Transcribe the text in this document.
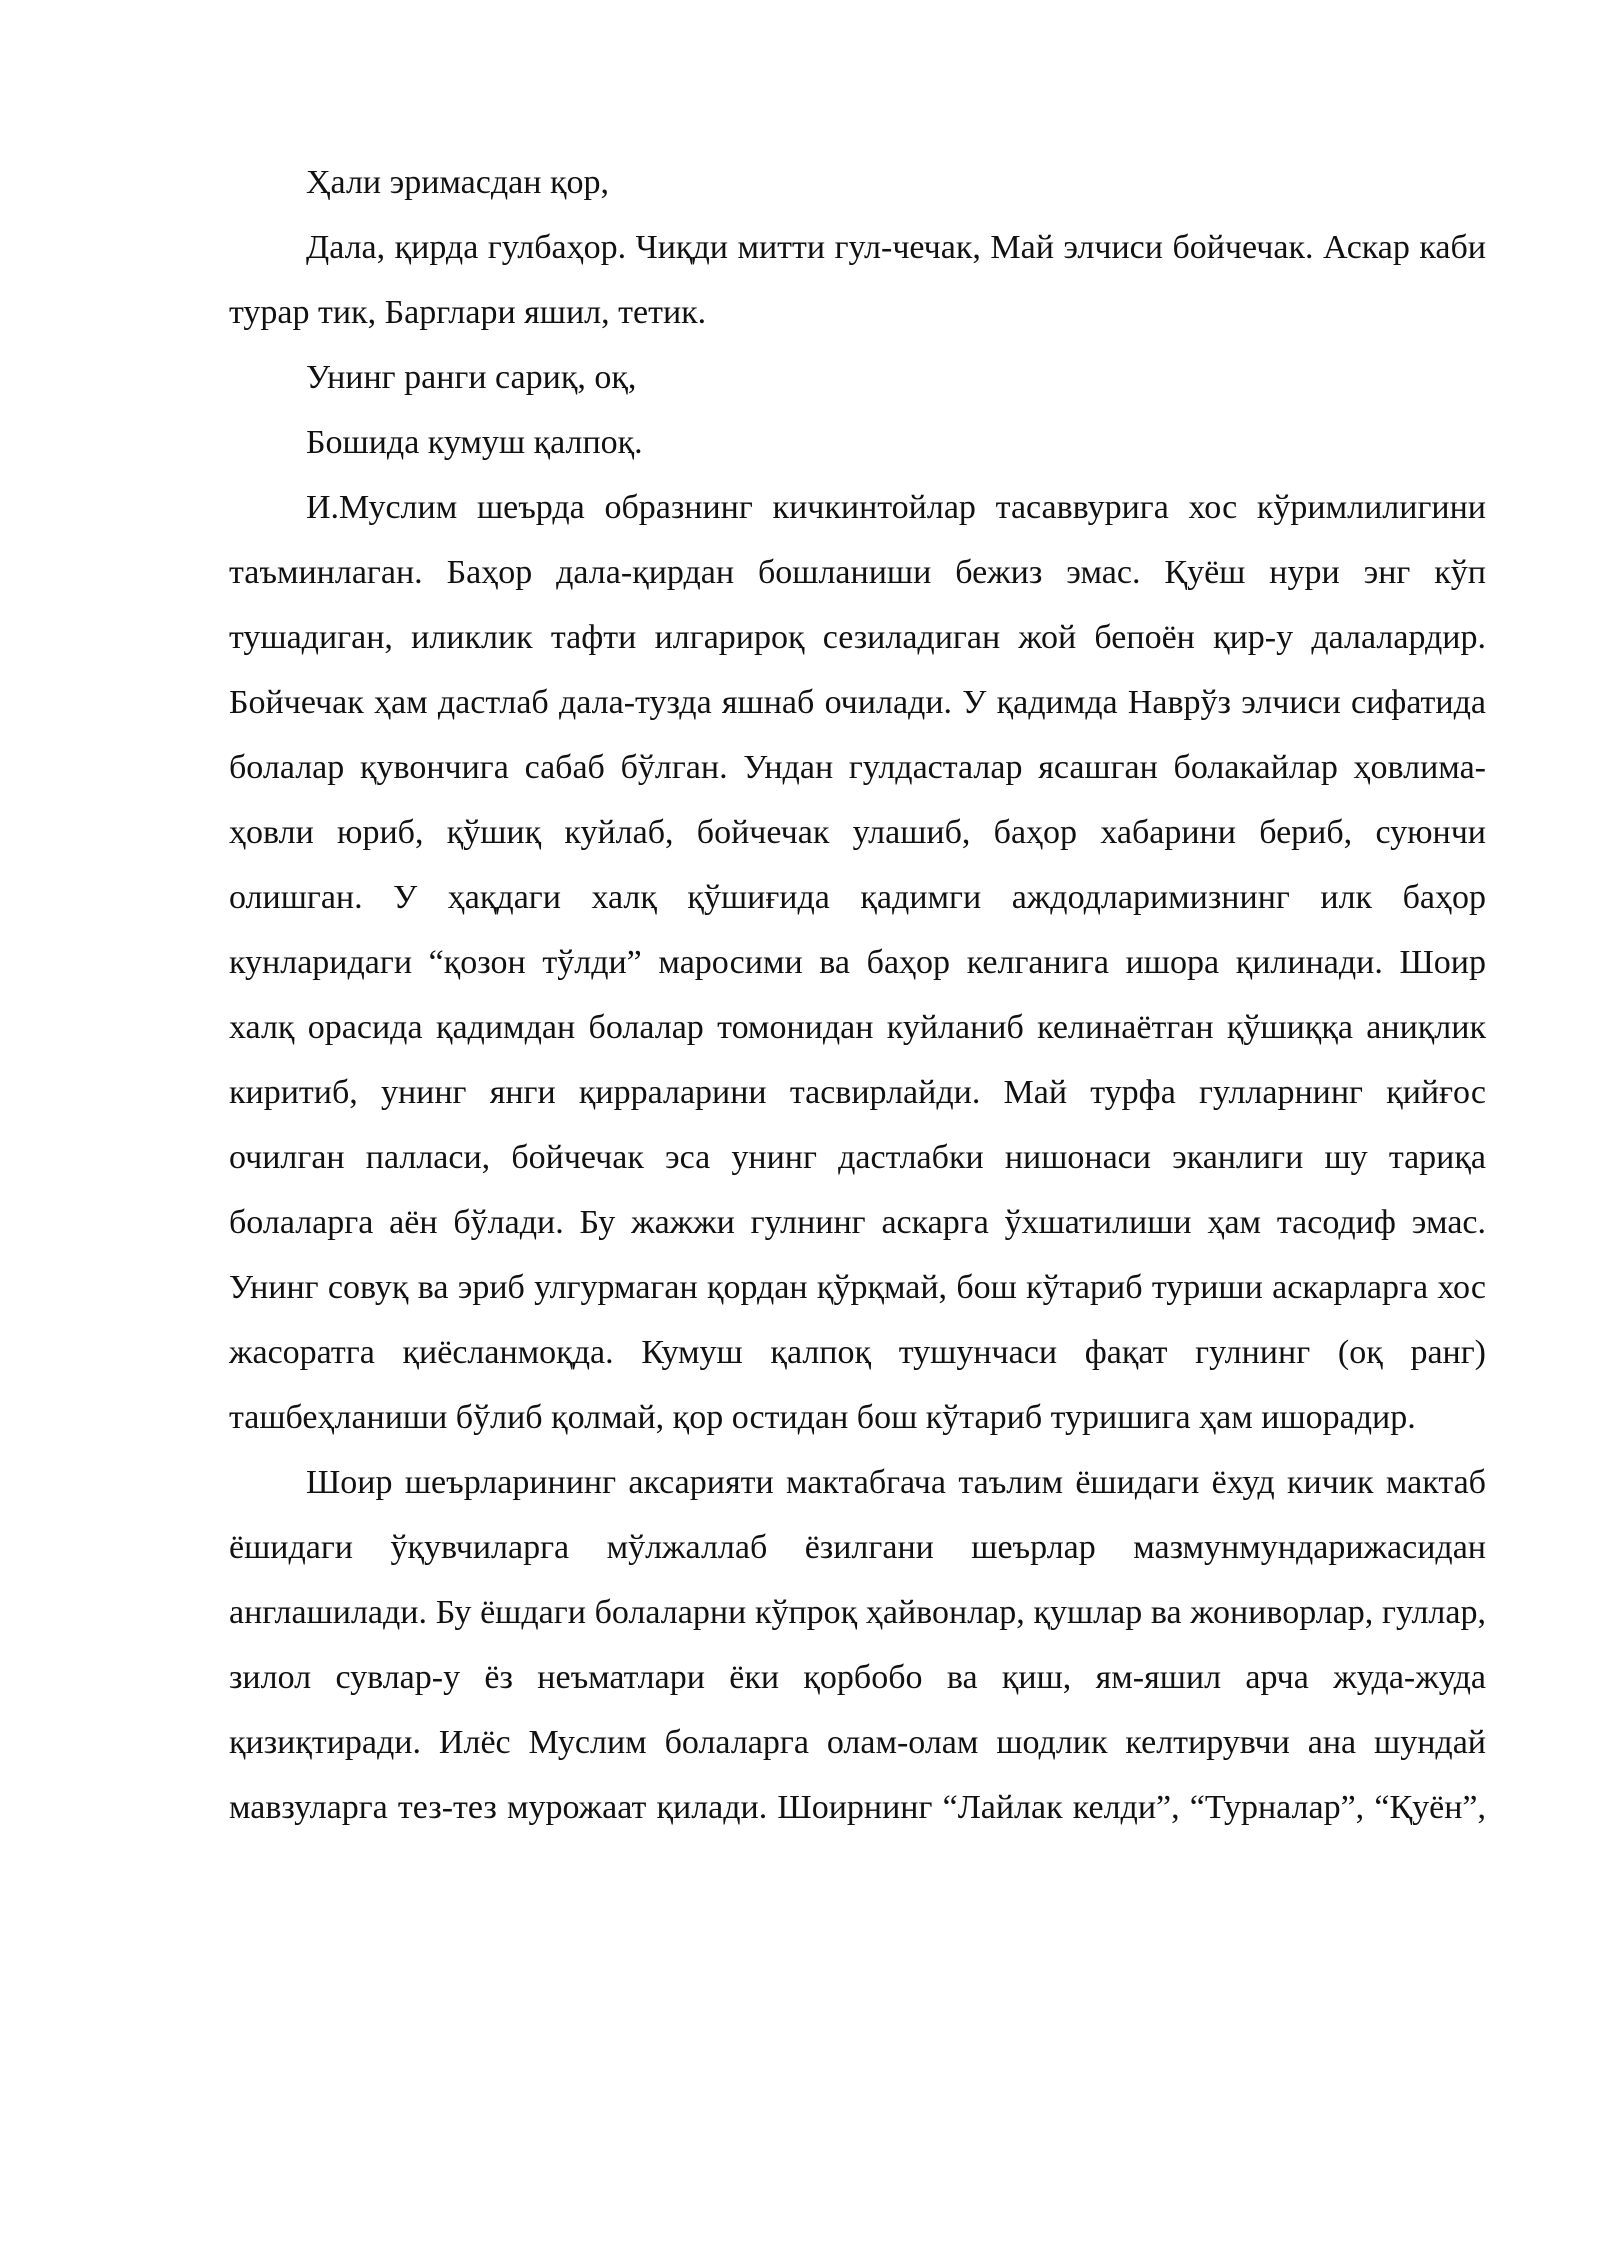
Ҳали эримасдан қор,

Дала, қирда гулбаҳор. Чиқди митти гул-чечак, Май элчиси бойчечак. Аскар каби турар тик, Барглари яшил, тетик.

Унинг ранги сариқ, оқ,

Бошида кумуш қалпоқ.

И.Муслим шеърда образнинг кичкинтойлар тасаввурига хос кўримлилигини таъминлаган. Баҳор дала-қирдан бошланиши бежиз эмас. Қуёш нури энг кўп тушадиган, иликлик тафти илгарироқ сезиладиган жой бепоён қир-у далалардир. Бойчечак ҳам дастлаб дала-тузда яшнаб очилади. У қадимда Наврўз элчиси сифатида болалар қувончига сабаб бўлган. Ундан гулдасталар ясашган болакайлар ҳовлима-ҳовли юриб, қўшиқ куйлаб, бойчечак улашиб, баҳор хабарини бериб, суюнчи олишган. У ҳақдаги халқ қўшиғида қадимги аждодларимизнинг илк баҳор кунларидаги “қозон тўлди” маросими ва баҳор келганига ишора қилинади. Шоир халқ орасида қадимдан болалар томонидан куйланиб келинаётган қўшиққа аниқлик киритиб, унинг янги қирраларини тасвирлайди. Май турфа гулларнинг қийғос очилган палласи, бойчечак эса унинг дастлабки нишонаси эканлиги шу тариқа болаларга аён бўлади. Бу жажжи гулнинг аскарга ўхшатилиши ҳам тасодиф эмас. Унинг совуқ ва эриб улгурмаган қордан қўрқмай, бош кўтариб туриши аскарларга хос жасоратга қиёсланмоқда. Кумуш қалпоқ тушунчаси фақат гулнинг (оқ ранг) ташбеҳланиши бўлиб қолмай, қор остидан бош кўтариб туришига ҳам ишорадир.

Шоир шеърларининг аксарияти мактабгача таълим ёшидаги ёхуд кичик мактаб ёшидаги ўқувчиларга мўлжаллаб ёзилгани шеърлар мазмунмундарижасидан англашилади. Бу ёшдаги болаларни кўпроқ ҳайвонлар, қушлар ва жониворлар, гуллар, зилол сувлар-у ёз неъматлари ёки қорбобо ва қиш, ям-яшил арча жуда-жуда қизиқтиради. Илёс Муслим болаларга олам-олам шодлик келтирувчи ана шундай мавзуларга тез-тез мурожаат қилади. Шоирнинг “Лайлак келди”, “Турналар”, “Қуён”,
